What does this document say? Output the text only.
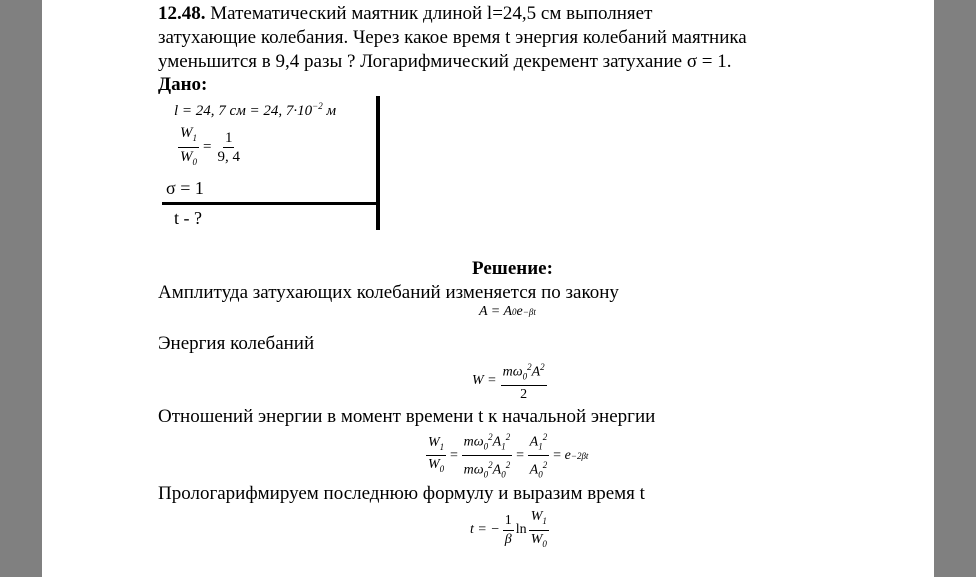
12.48. Математический маятник длиной l=24,5 см выполняет
затухающие колебания. Через какое время t энергия колебаний маятника
уменьшится в 9,4 разы ? Логарифмический декремент затухание σ = 1.
Дано:
l = 24, 7 см = 24, $7\cdot 10^{-2}$ м
$\frac{W_1}{W_0} = \frac{1}{9, 4}$
σ = 1
t - ?
Решение:
Амплитуда затухающих колебаний изменяется по закону
A = A 0 e −βt
Энергия колебаний
$W = \frac{m\omega_0^2A^2}{2}$
Отношений энергии в момент времени t к начальной энергии
$\frac{W_1}{W_0} = \frac{m\omega_0^2A_1^2}{m\omega_0^2A_0^2} = \frac{A_1^2}{A_0^2} = e -2\beta t$
Прологарифмируем последнюю формулу и выразим время t
t = − $\frac{1}{\beta}$ $\ln \frac{W_1}{W_0}$
